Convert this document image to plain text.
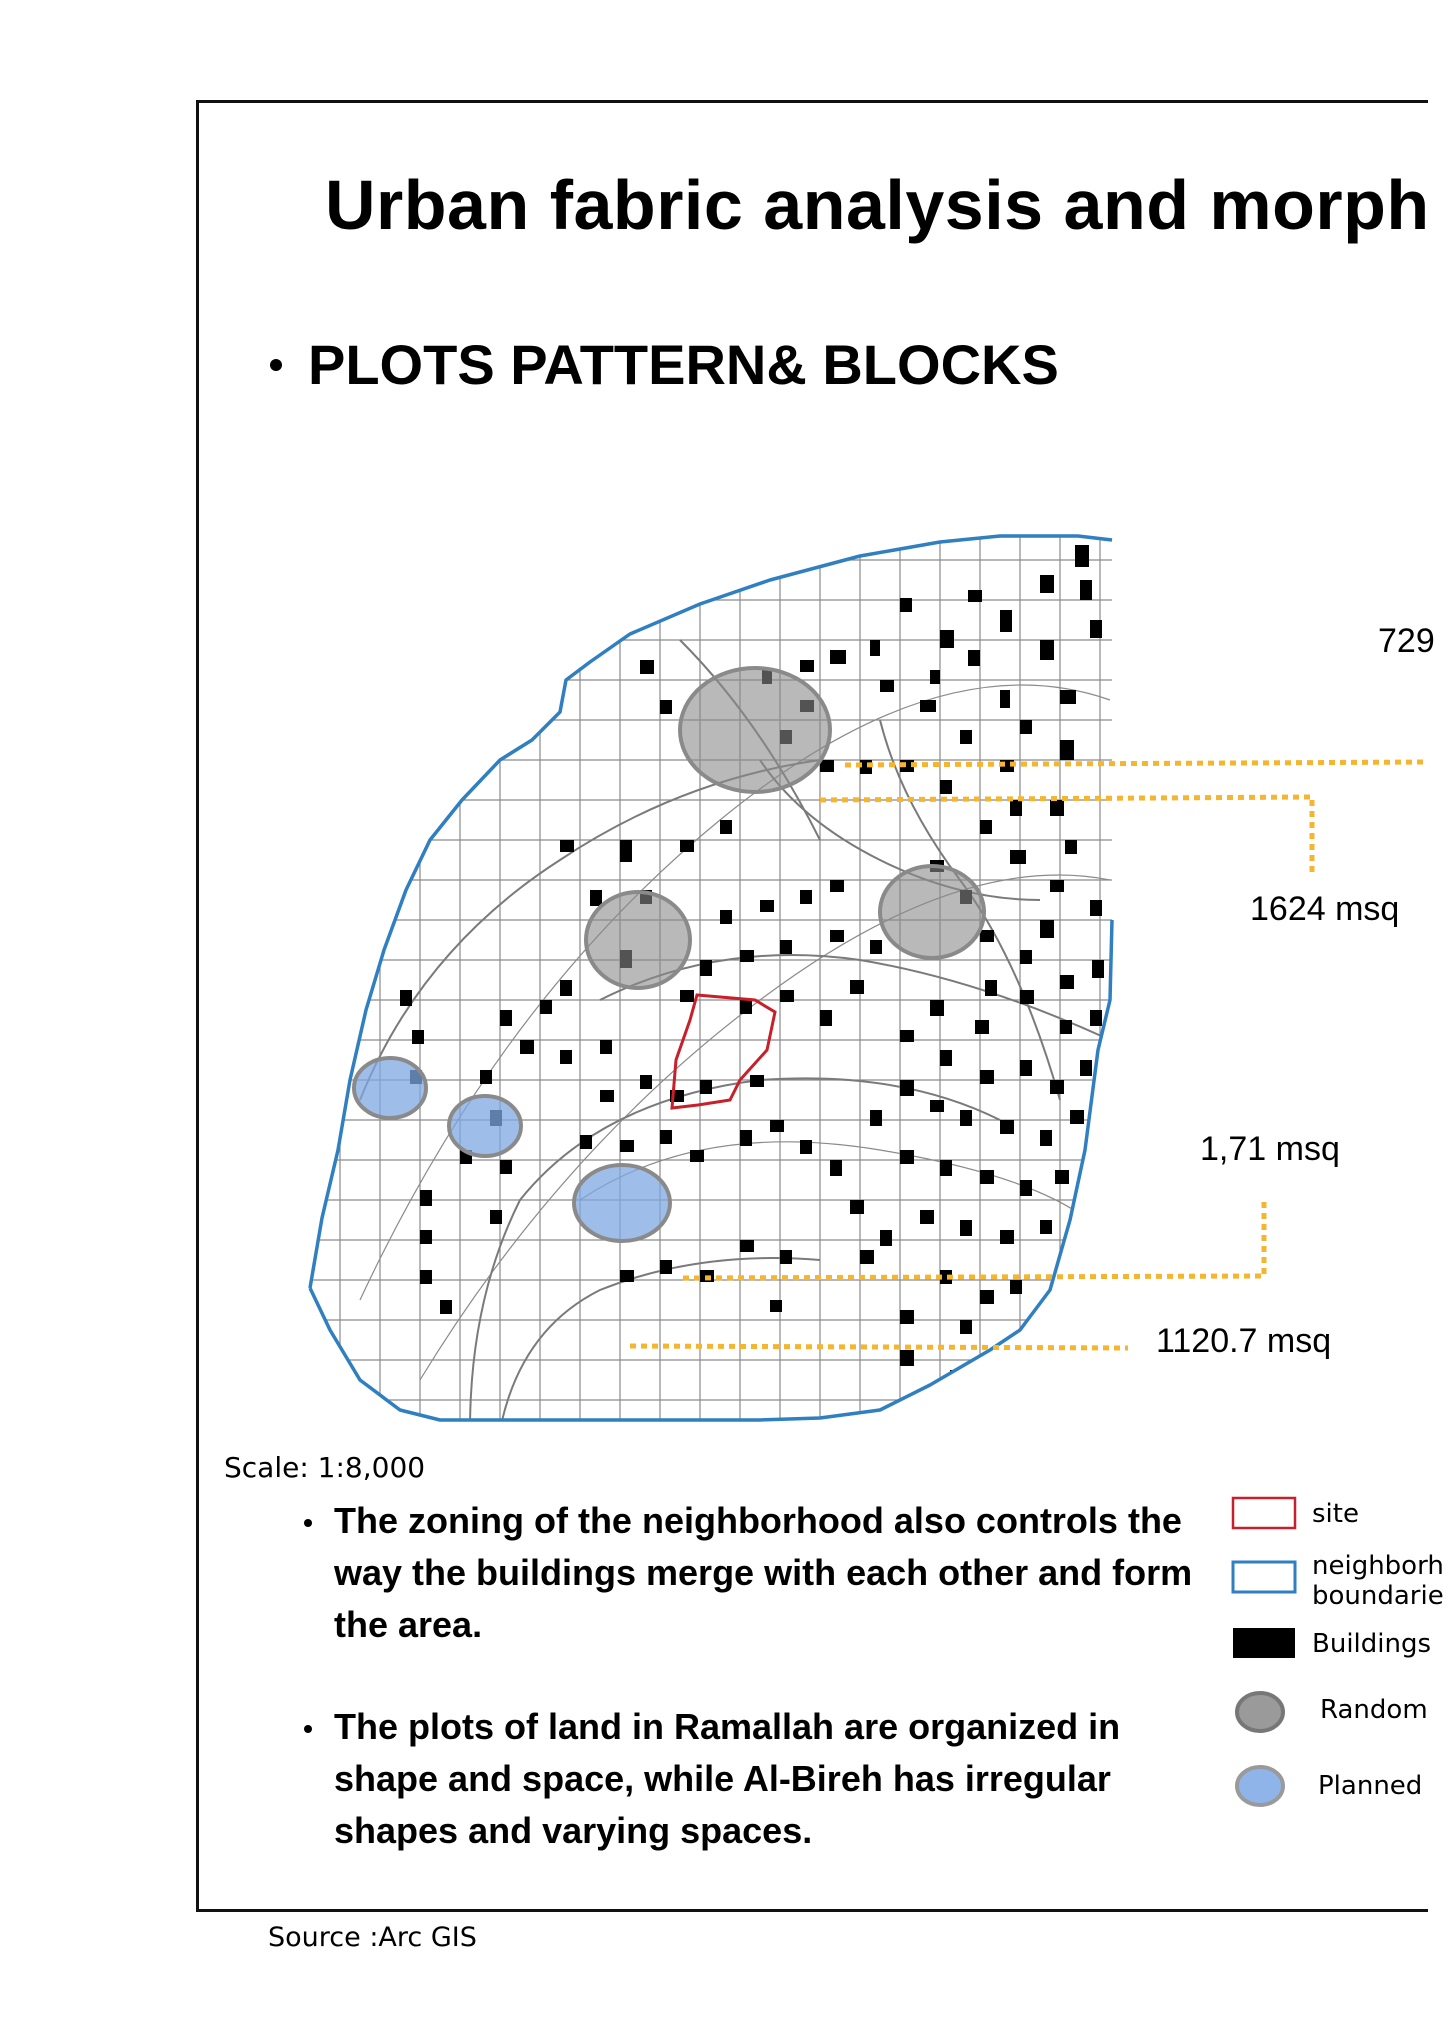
Urban fabric analysis and morph
PLOTS PATTERN& BLOCKS
729
1624 msq
1,71 msq
1120.7 msq
Scale: 1:8,000
The zoning of the neighborhood also controls the way the buildings merge with each other and form the area.
The plots of land in Ramallah are organized in shape and space, while Al-Bireh has irregular shapes and varying spaces.
site
neighborh
boundarie
Buildings
Random
Planned
Source :Arc GIS
